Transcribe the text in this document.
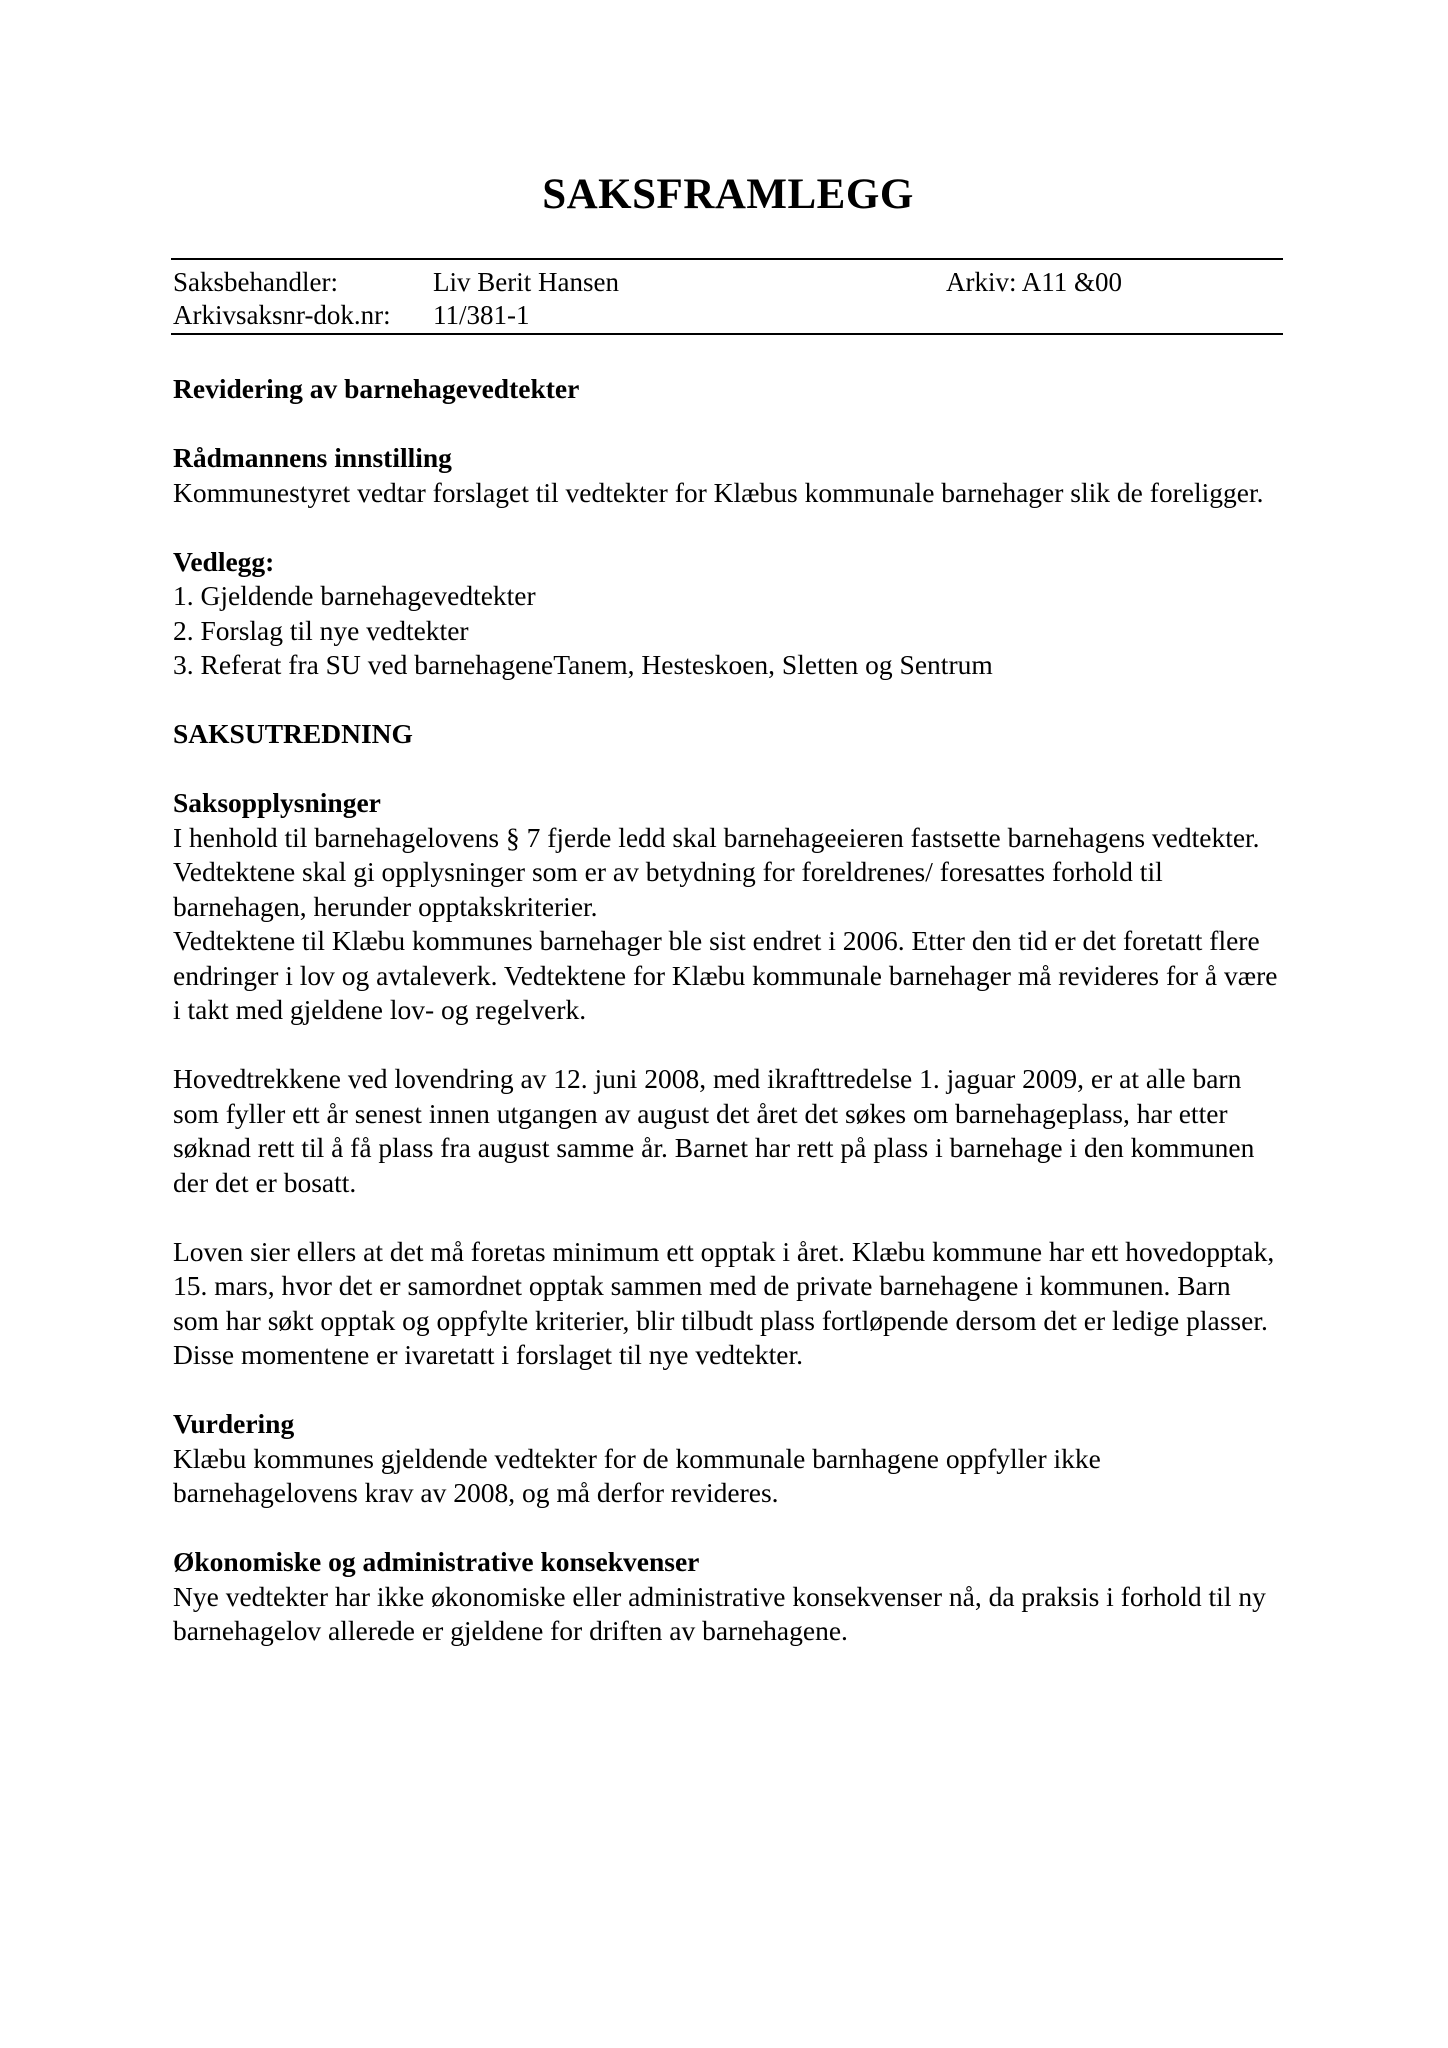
SAKSFRAMLEGG
Saksbehandler:	Liv Berit Hansen	Arkiv: A11 &00
Arkivsaksnr-dok.nr: 11/381-1

Revidering av barnehagevedtekter

Rådmannens innstilling

Kommunestyret vedtar forslaget til vedtekter for Klæbus kommunale barnehager slik de foreligger.

Vedlegg:

1. Gjeldende barnehagevedtekter
2. Forslag til nye vedtekter
3. Referat fra SU ved barnehageneTanem, Hesteskoen, Sletten og Sentrum

SAKSUTREDNING

Saksopplysninger

I henhold til barnehagelovens § 7 fjerde ledd skal barnehageeieren fastsette barnehagens vedtekter. Vedtektene skal gi opplysninger som er av betydning for foreldrenes/ foresattes forhold til barnehagen, herunder opptakskriterier.

Vedtektene til Klæbu kommunes barnehager ble sist endret i 2006. Etter den tid er det foretatt flere endringer i lov og avtaleverk. Vedtektene for Klæbu kommunale barnehager må revideres for å være i takt med gjeldene lov- og regelverk.

Hovedtrekkene ved lovendring av 12. juni 2008, med ikrafttredelse 1. jaguar 2009, er at alle barn som fyller ett år senest innen utgangen av august det året det søkes om barnehageplass, har etter søknad rett til å få plass fra august samme år. Barnet har rett på plass i barnehage i den kommunen der det er bosatt.

Loven sier ellers at det må foretas minimum ett opptak i året. Klæbu kommune har ett hovedopptak, 15. mars, hvor det er samordnet opptak sammen med de private barnehagene i kommunen. Barn som har søkt opptak og oppfylte kriterier, blir tilbudt plass fortløpende dersom det er ledige plasser. Disse momentene er ivaretatt i forslaget til nye vedtekter.

Vurdering

Klæbu kommunes gjeldende vedtekter for de kommunale barnhagene oppfyller ikke barnehagelovens krav av 2008, og må derfor revideres.

Økonomiske og administrative konsekvenser

Nye vedtekter har ikke økonomiske eller administrative konsekvenser nå, da praksis i forhold til ny barnehagelov allerede er gjeldene for driften av barnehagene.
